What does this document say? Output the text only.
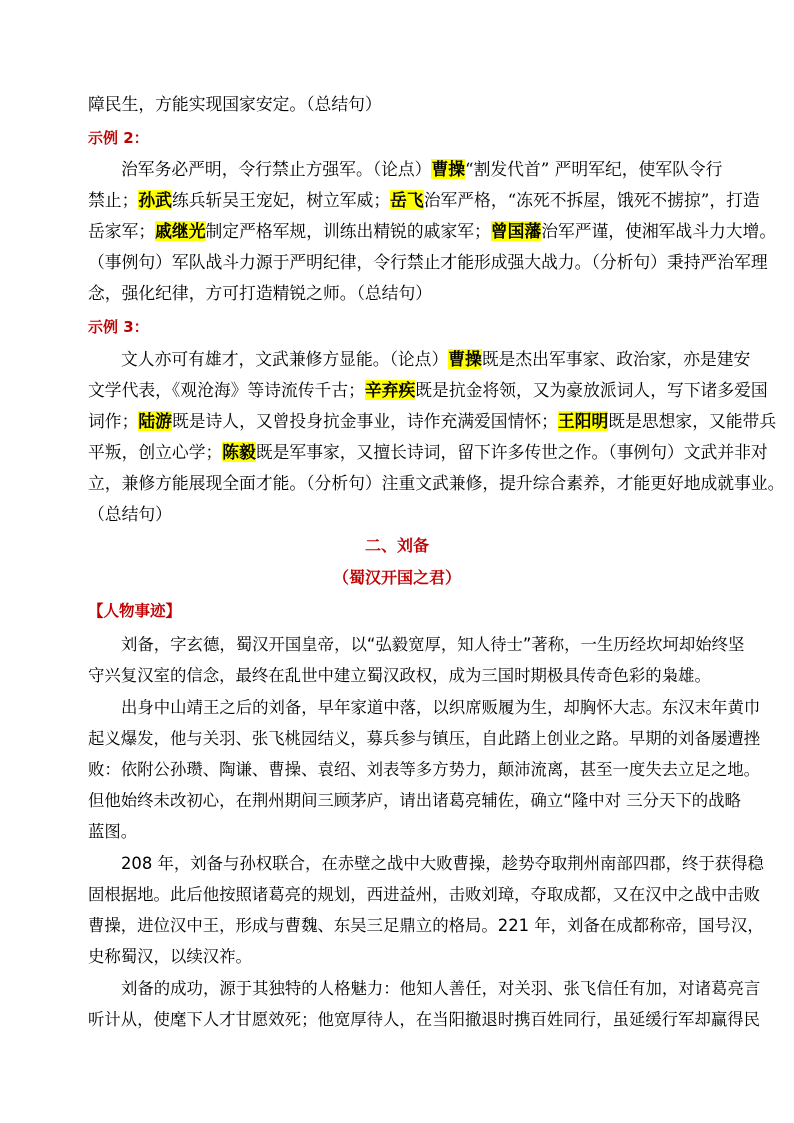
障民生，方能实现国家安定。（总结句）
示例 2：
治军务必严明，令行禁止方强军。（论点）曹操“割发代首” 严明军纪，使军队令行
禁止；孙武练兵斩吴王宠妃，树立军威；岳飞治军严格，“冻死不拆屋，饿死不掳掠”，打造
岳家军；戚继光制定严格军规，训练出精锐的戚家军；曾国藩治军严谨，使湘军战斗力大增。
（事例句）军队战斗力源于严明纪律，令行禁止才能形成强大战力。（分析句）秉持严治军理
念，强化纪律，方可打造精锐之师。（总结句）
示例 3：
文人亦可有雄才，文武兼修方显能。（论点）曹操既是杰出军事家、政治家，亦是建安
文学代表，《观沧海》等诗流传千古；辛弃疾既是抗金将领，又为豪放派词人，写下诸多爱国
词作；陆游既是诗人，又曾投身抗金事业，诗作充满爱国情怀；王阳明既是思想家，又能带兵
平叛，创立心学；陈毅既是军事家，又擅长诗词，留下许多传世之作。（事例句）文武并非对
立，兼修方能展现全面才能。（分析句）注重文武兼修，提升综合素养，才能更好地成就事业。
（总结句）
二、刘备
（蜀汉开国之君）
【人物事迹】
刘备，字玄德，蜀汉开国皇帝，以“弘毅宽厚，知人待士”著称，一生历经坎坷却始终坚
守兴复汉室的信念，最终在乱世中建立蜀汉政权，成为三国时期极具传奇色彩的枭雄。
出身中山靖王之后的刘备，早年家道中落，以织席贩履为生，却胸怀大志。东汉末年黄巾
起义爆发，他与关羽、张飞桃园结义，募兵参与镇压，自此踏上创业之路。早期的刘备屡遭挫
败：依附公孙瓒、陶谦、曹操、袁绍、刘表等多方势力，颠沛流离，甚至一度失去立足之地。
但他始终未改初心，在荆州期间三顾茅庐，请出诸葛亮辅佐，确立“隆中对 三分天下的战略
蓝图。
208 年，刘备与孙权联合，在赤壁之战中大败曹操，趁势夺取荆州南部四郡，终于获得稳
固根据地。此后他按照诸葛亮的规划，西进益州，击败刘璋，夺取成都，又在汉中之战中击败
曹操，进位汉中王，形成与曹魏、东吴三足鼎立的格局。221 年，刘备在成都称帝，国号汉，
史称蜀汉，以续汉祚。
刘备的成功，源于其独特的人格魅力：他知人善任，对关羽、张飞信任有加，对诸葛亮言
听计从，使麾下人才甘愿效死；他宽厚待人，在当阳撤退时携百姓同行，虽延缓行军却赢得民
